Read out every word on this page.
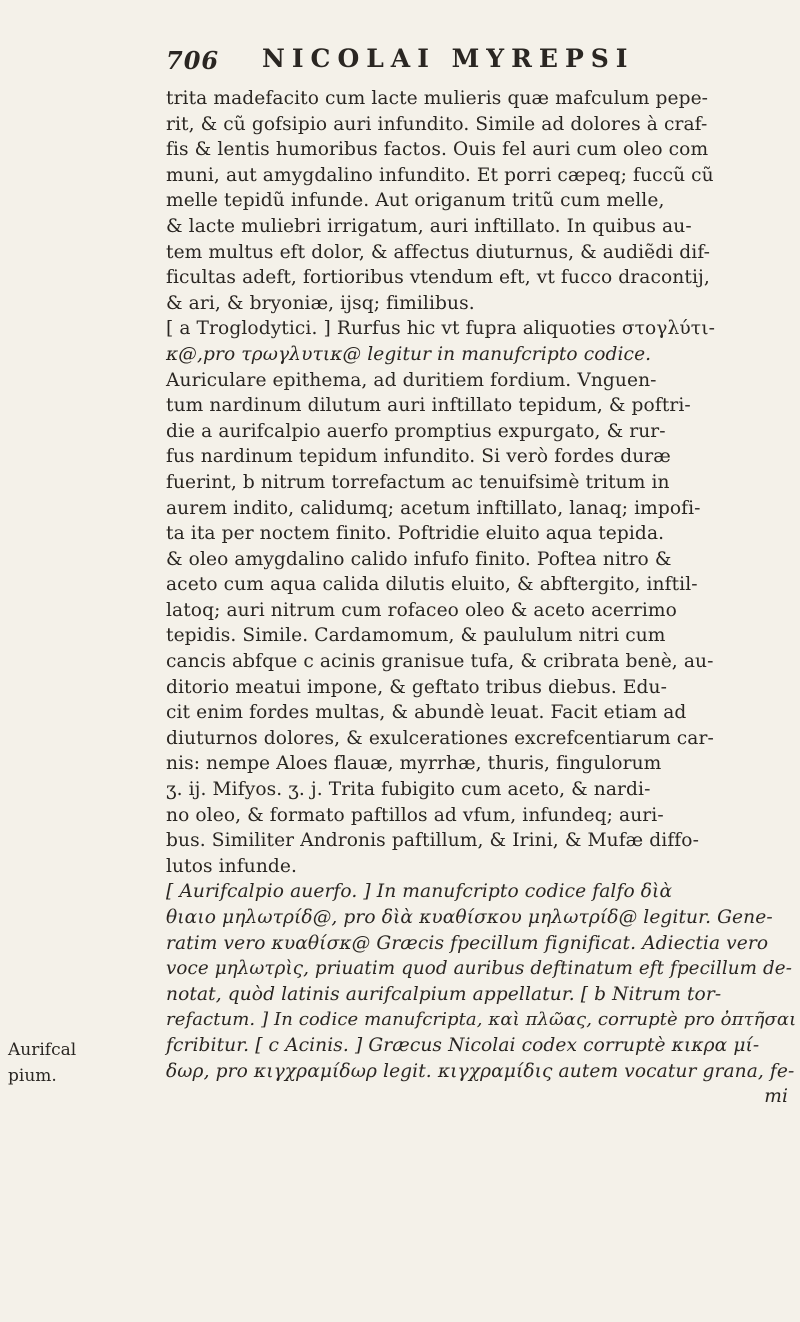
706 NICOLAI MYREPSI
Aurifcal
pium.
trita madefacito cum lacte mulieris quæ mafculum pepe-
rit, & cũ gofsipio auri infundito. Simile ad dolores à craf-
fis & lentis humoribus factos. Ouis fel auri cum oleo com
muni, aut amygdalino infundito. Et porri cæpeq; fuccũ cũ
melle tepidũ infunde. Aut origanum tritũ cum melle,
& lacte muliebri irrigatum, auri inftillato. In quibus au-
tem multus eft dolor, & affectus diuturnus, & audiẽdi dif-
ficultas adeft, fortioribus vtendum eft, vt fucco dracontij,
& ari, & bryoniæ, ijsq; fimilibus.
[ a Troglodytici. ] Rurfus hic vt fupra aliquoties στογλύτι-
κ@,pro τρωγλυτικ@ legitur in manufcripto codice.
Auriculare epithema, ad duritiem fordium. Vnguen-
tum nardinum dilutum auri inftillato tepidum, & poftri-
die a aurifcalpio auerfo promptius expurgato, & rur-
fus nardinum tepidum infundito. Si verò fordes duræ
fuerint, b nitrum torrefactum ac tenuifsimè tritum in
aurem indito, calidumq; acetum inftillato, lanaq; impofi-
ta ita per noctem finito. Poftridie eluito aqua tepida.
& oleo amygdalino calido infufo finito. Poftea nitro &
aceto cum aqua calida dilutis eluito, & abftergito, inftil-
latoq; auri nitrum cum rofaceo oleo & aceto acerrimo
tepidis. Simile. Cardamomum, & paululum nitri cum
cancis abfque c acinis granisue tufa, & cribrata benè, au-
ditorio meatui impone, & geftato tribus diebus. Edu-
cit enim fordes multas, & abundè leuat. Facit etiam ad
diuturnos dolores, & exulcerationes excrefcentiarum car-
nis: nempe Aloes flauæ, myrrhæ, thuris, fingulorum
ʒ. ij. Mifyos. ʒ. j. Trita fubigito cum aceto, & nardi-
no oleo, & formato paftillos ad vfum, infundeq; auri-
bus. Similiter Andronis paftillum, & Irini, & Mufæ diffo-
lutos infunde.
[ Aurifcalpio auerfo. ] In manufcripto codice falfo δὶὰ
θιαιο μηλωτρίδ@, pro δὶὰ κυαθίσκου μηλωτρίδ@ legitur. Gene-
ratim vero κυαθίσκ@ Græcis fpecillum fignificat. Adiectia vero
voce μηλωτρὶς, priuatim quod auribus deftinatum eft fpecillum de-
notat, quòd latinis aurifcalpium appellatur. [ b Nitrum tor-
refactum. ] In codice manufcripta, καὶ πλῶας, corruptè pro ὀπτῆσαι
fcribitur. [ c Acinis. ] Græcus Nicolai codex corruptè κικρα μί-
δωρ, pro κιγχραμίδωρ legit. κιγχραμίδις autem vocatur grana, fe-
mi
